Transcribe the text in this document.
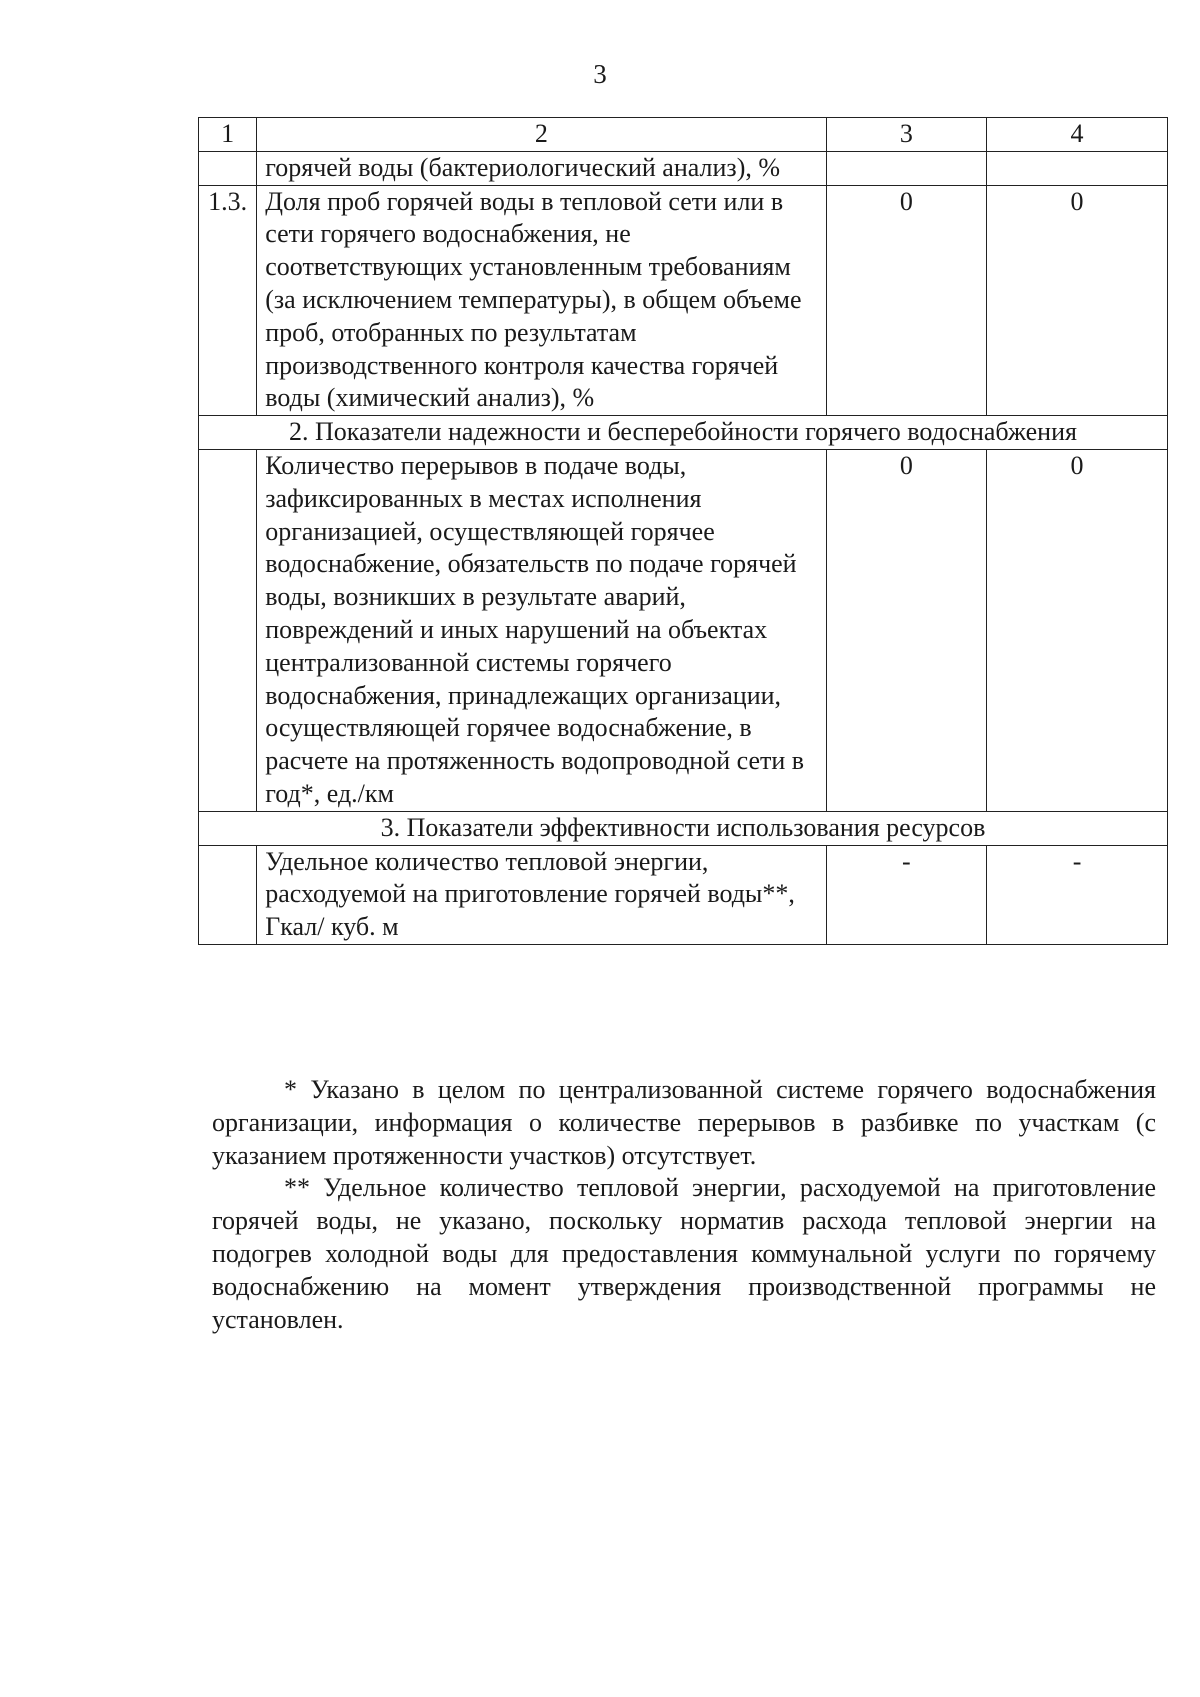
3
1	2	3	4
	горячей воды (бактериологический анализ), %		
1.3.	Доля проб горячей воды в тепловой сети или в сети горячего водоснабжения, не соответствующих установленным требованиям (за исключением температуры), в общем объеме проб, отобранных по результатам производственного контроля качества горячей воды (химический анализ), %	0	0
2. Показатели надежности и бесперебойности горячего водоснабжения			
	Количество перерывов в подаче воды, зафиксированных в местах исполнения организацией, осуществляющей горячее водоснабжение, обязательств по подаче горячей воды, возникших в результате аварий, повреждений и иных нарушений на объектах централизованной системы горячего водоснабжения, принадлежащих организации, осуществляющей горячее водоснабжение, в расчете на протяженность водопроводной сети в год*, ед./км	0	0
3. Показатели эффективности использования ресурсов			
	Удельное количество тепловой энергии, расходуемой на приготовление горячей воды**, Гкал/ куб. м	-	-

* Указано в целом по централизованной системе горячего водоснабжения организации, информация о количестве перерывов в разбивке по участкам (с указанием протяженности участков) отсутствует.

** Удельное количество тепловой энергии, расходуемой на приготовление горячей воды, не указано, поскольку норматив расхода тепловой энергии на подогрев холодной воды для предоставления коммунальной услуги по горячему водоснабжению на момент утверждения производственной программы не установлен.
